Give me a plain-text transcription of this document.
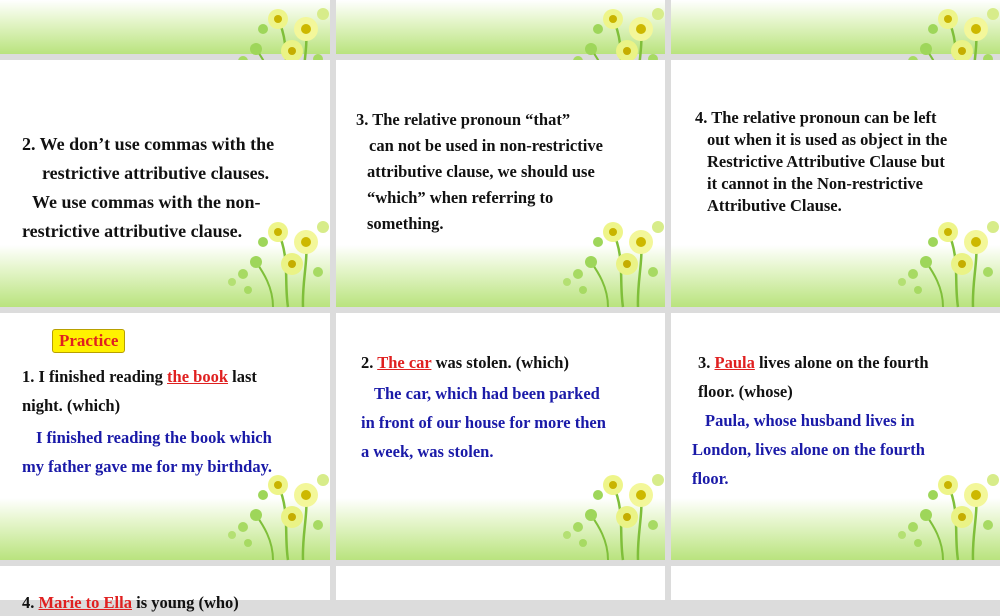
2. We don’t use commas with the
restrictive attributive clauses.
We use commas with the non-
restrictive attributive clause.
3. The relative pronoun “that”
can not be used in non-restrictive
attributive clause, we should use
“which” when referring to
something.
4. The relative pronoun can be left
out when it is used as object in the
Restrictive Attributive Clause but
it cannot in the Non-restrictive
Attributive Clause.
Practice
1. I finished reading the book last
night. (which)
I finished reading the book which
my father gave me for my birthday.
2. The car was stolen. (which)
The car, which had been parked
in front of our house for more then
a week, was stolen.
3. Paula lives alone on the fourth
floor. (whose)
Paula, whose husband lives in
London, lives alone on the fourth
floor.
4. Marie to Ella is young (who)
